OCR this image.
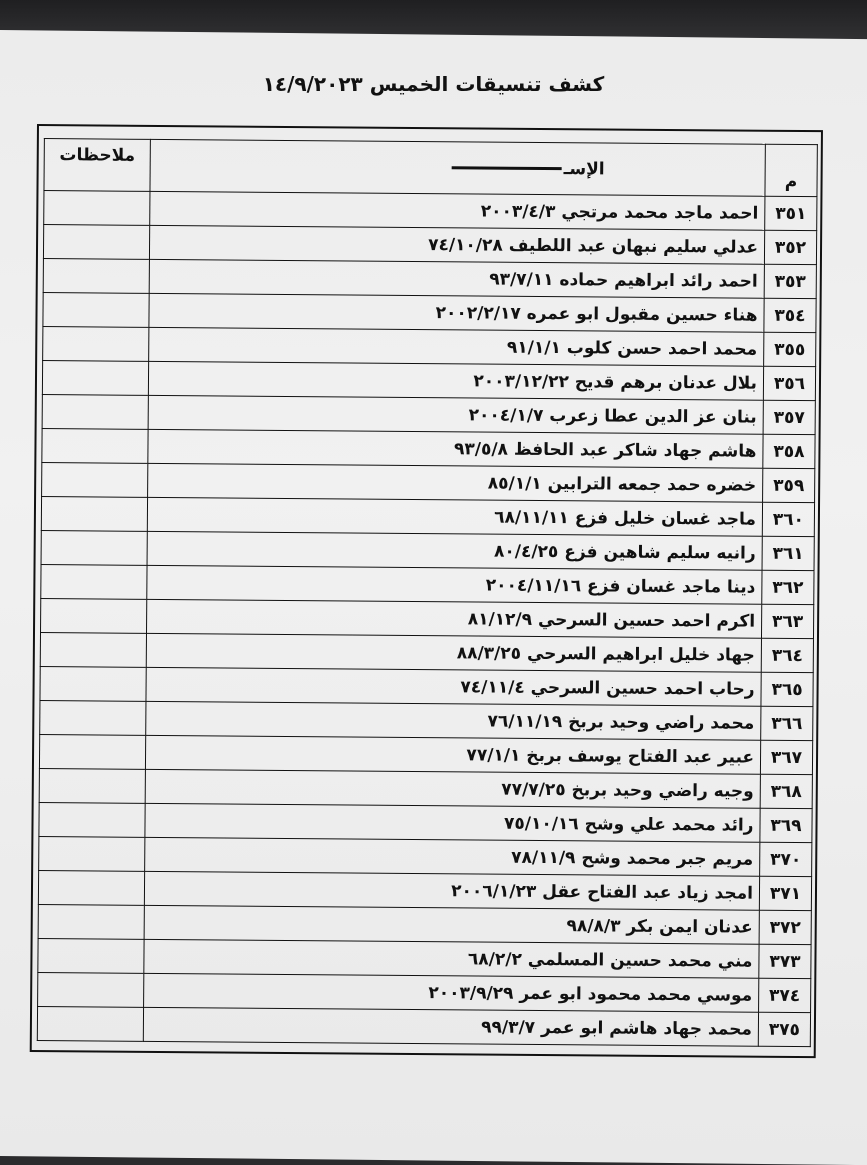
كشف تنسيقات الخميس ١٤/٩/٢٠٢٣
م	الإسـ	ملاحظات
٣٥١	احمد ماجد محمد مرتجي ٢٠٠٣/٤/٣	
٣٥٢	عدلي سليم نبهان عبد اللطيف ٧٤/١٠/٢٨	
٣٥٣	احمد رائد ابراهيم حماده ٩٣/٧/١١	
٣٥٤	هناء حسين مقبول ابو عمره ٢٠٠٢/٢/١٧	
٣٥٥	محمد احمد حسن كلوب ٩١/١/١	
٣٥٦	بلال عدنان برهم قديح ٢٠٠٣/١٢/٢٢	
٣٥٧	بنان عز الدين عطا زعرب ٢٠٠٤/١/٧	
٣٥٨	هاشم جهاد شاكر عبد الحافظ ٩٣/٥/٨	
٣٥٩	خضره حمد جمعه الترابين ٨٥/١/١	
٣٦٠	ماجد غسان خليل فزع ٦٨/١١/١١	
٣٦١	رانيه سليم شاهين فزع ٨٠/٤/٢٥	
٣٦٢	دينا ماجد غسان فزع ٢٠٠٤/١١/١٦	
٣٦٣	اكرم احمد حسين السرحي ٨١/١٢/٩	
٣٦٤	جهاد خليل ابراهيم السرحي ٨٨/٣/٢٥	
٣٦٥	رحاب احمد حسين السرحي ٧٤/١١/٤	
٣٦٦	محمد راضي وحيد بربخ ٧٦/١١/١٩	
٣٦٧	عبير عبد الفتاح يوسف بربخ ٧٧/١/١	
٣٦٨	وجيه راضي وحيد بربخ ٧٧/٧/٢٥	
٣٦٩	رائد محمد علي وشح ٧٥/١٠/١٦	
٣٧٠	مريم جبر محمد وشح ٧٨/١١/٩	
٣٧١	امجد زياد عبد الفتاح عقل ٢٠٠٦/١/٢٣	
٣٧٢	عدنان ايمن بكر ٩٨/٨/٣	
٣٧٣	مني محمد حسين المسلمي ٦٨/٢/٢	
٣٧٤	موسي محمد محمود ابو عمر ٢٠٠٣/٩/٢٩	
٣٧٥	محمد جهاد هاشم ابو عمر ٩٩/٣/٧	
